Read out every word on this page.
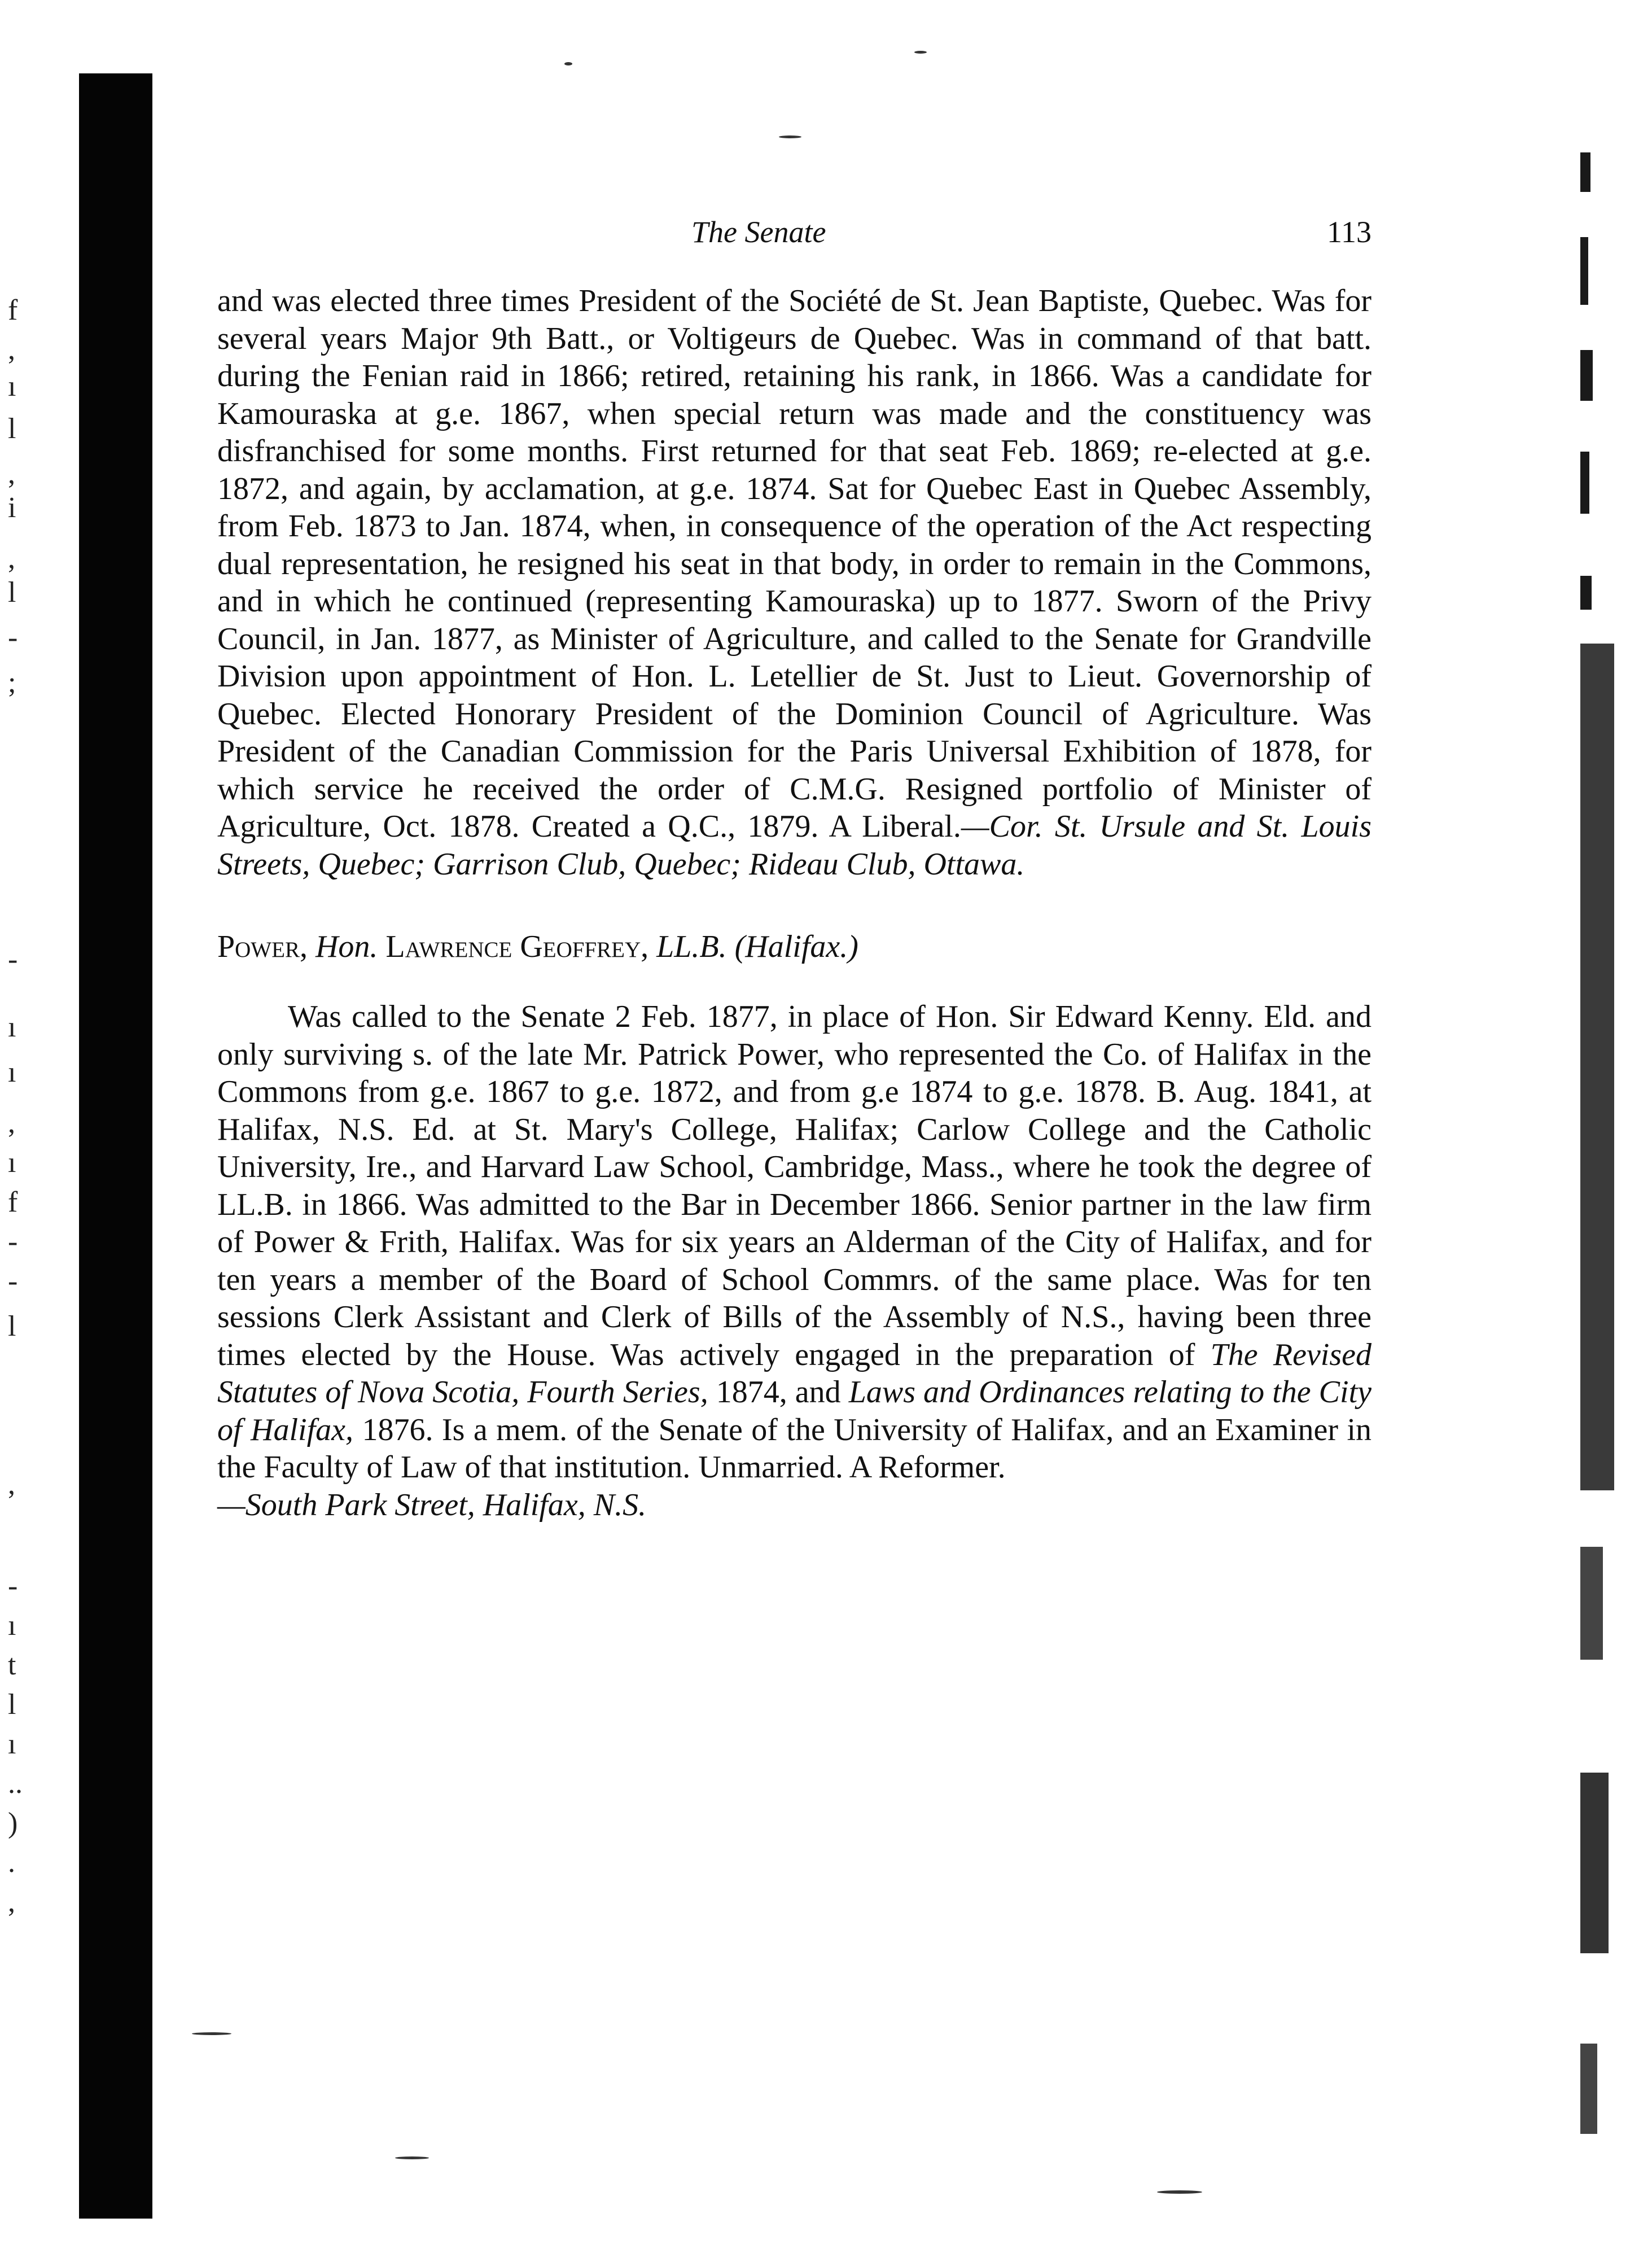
f
,
ı
l
,
i
,
l
-
;
-
ı
ı
,
ı
f
-
-
l
,
-
ı
t
l
ı
..
)
.
,
The Senate	113

and was elected three times President of the Société de St. Jean Baptiste, Quebec. Was for several years Major 9th Batt., or Voltigeurs de Quebec. Was in command of that batt. during the Fenian raid in 1866; retired, retaining his rank, in 1866. Was a candidate for Kamouraska at g.e. 1867, when special return was made and the constituency was disfranchised for some months. First returned for that seat Feb. 1869; re-elected at g.e. 1872, and again, by acclamation, at g.e. 1874. Sat for Quebec East in Quebec Assembly, from Feb. 1873 to Jan. 1874, when, in consequence of the operation of the Act respecting dual representation, he resigned his seat in that body, in order to remain in the Commons, and in which he continued (representing Kamouraska) up to 1877. Sworn of the Privy Council, in Jan. 1877, as Minister of Agriculture, and called to the Senate for Grandville Division upon appointment of Hon. L. Letellier de St. Just to Lieut. Governorship of Quebec. Elected Honorary President of the Dominion Council of Agriculture. Was President of the Canadian Commission for the Paris Universal Exhibition of 1878, for which service he received the order of C.M.G. Resigned portfolio of Minister of Agriculture, Oct. 1878. Created a Q.C., 1879. A Liberal.—Cor. St. Ursule and St. Louis Streets, Quebec; Garrison Club, Quebec; Rideau Club, Ottawa.

Power, Hon. Lawrence Geoffrey, LL.B. (Halifax.)

Was called to the Senate 2 Feb. 1877, in place of Hon. Sir Edward Kenny. Eld. and only surviving s. of the late Mr. Patrick Power, who represented the Co. of Halifax in the Commons from g.e. 1867 to g.e. 1872, and from g.e 1874 to g.e. 1878. B. Aug. 1841, at Halifax, N.S. Ed. at St. Mary's College, Halifax; Carlow College and the Catholic University, Ire., and Harvard Law School, Cambridge, Mass., where he took the degree of LL.B. in 1866. Was admitted to the Bar in December 1866. Senior partner in the law firm of Power & Frith, Halifax. Was for six years an Alderman of the City of Halifax, and for ten years a member of the Board of School Commrs. of the same place. Was for ten sessions Clerk Assistant and Clerk of Bills of the Assembly of N.S., having been three times elected by the House. Was actively engaged in the preparation of The Revised Statutes of Nova Scotia, Fourth Series, 1874, and Laws and Ordinances relating to the City of Halifax, 1876. Is a mem. of the Senate of the University of Halifax, and an Examiner in the Faculty of Law of that institution. Unmarried. A Reformer.
—South Park Street, Halifax, N.S.
